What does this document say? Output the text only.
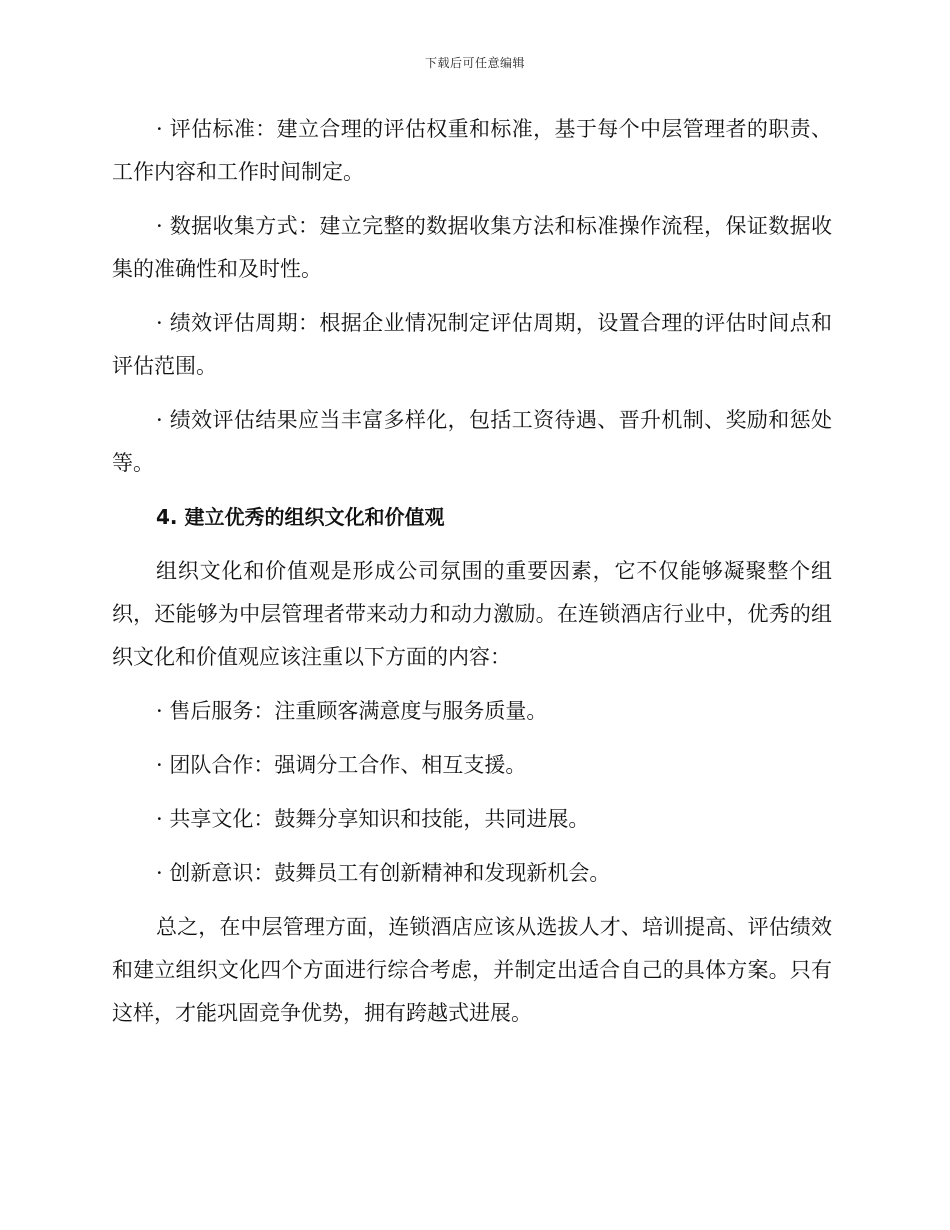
下载后可任意编辑

· 评估标准：建立合理的评估权重和标准，基于每个中层管理者的职责、工作内容和工作时间制定。

· 数据收集方式：建立完整的数据收集方法和标准操作流程，保证数据收集的准确性和及时性。

· 绩效评估周期：根据企业情况制定评估周期，设置合理的评估时间点和评估范围。

· 绩效评估结果应当丰富多样化，包括工资待遇、晋升机制、奖励和惩处等。

4. 建立优秀的组织文化和价值观

组织文化和价值观是形成公司氛围的重要因素，它不仅能够凝聚整个组织，还能够为中层管理者带来动力和动力激励。在连锁酒店行业中，优秀的组织文化和价值观应该注重以下方面的内容：

· 售后服务：注重顾客满意度与服务质量。

· 团队合作：强调分工合作、相互支援。

· 共享文化：鼓舞分享知识和技能，共同进展。

· 创新意识：鼓舞员工有创新精神和发现新机会。

总之，在中层管理方面，连锁酒店应该从选拔人才、培训提高、评估绩效和建立组织文化四个方面进行综合考虑，并制定出适合自己的具体方案。只有这样，才能巩固竞争优势，拥有跨越式进展。
